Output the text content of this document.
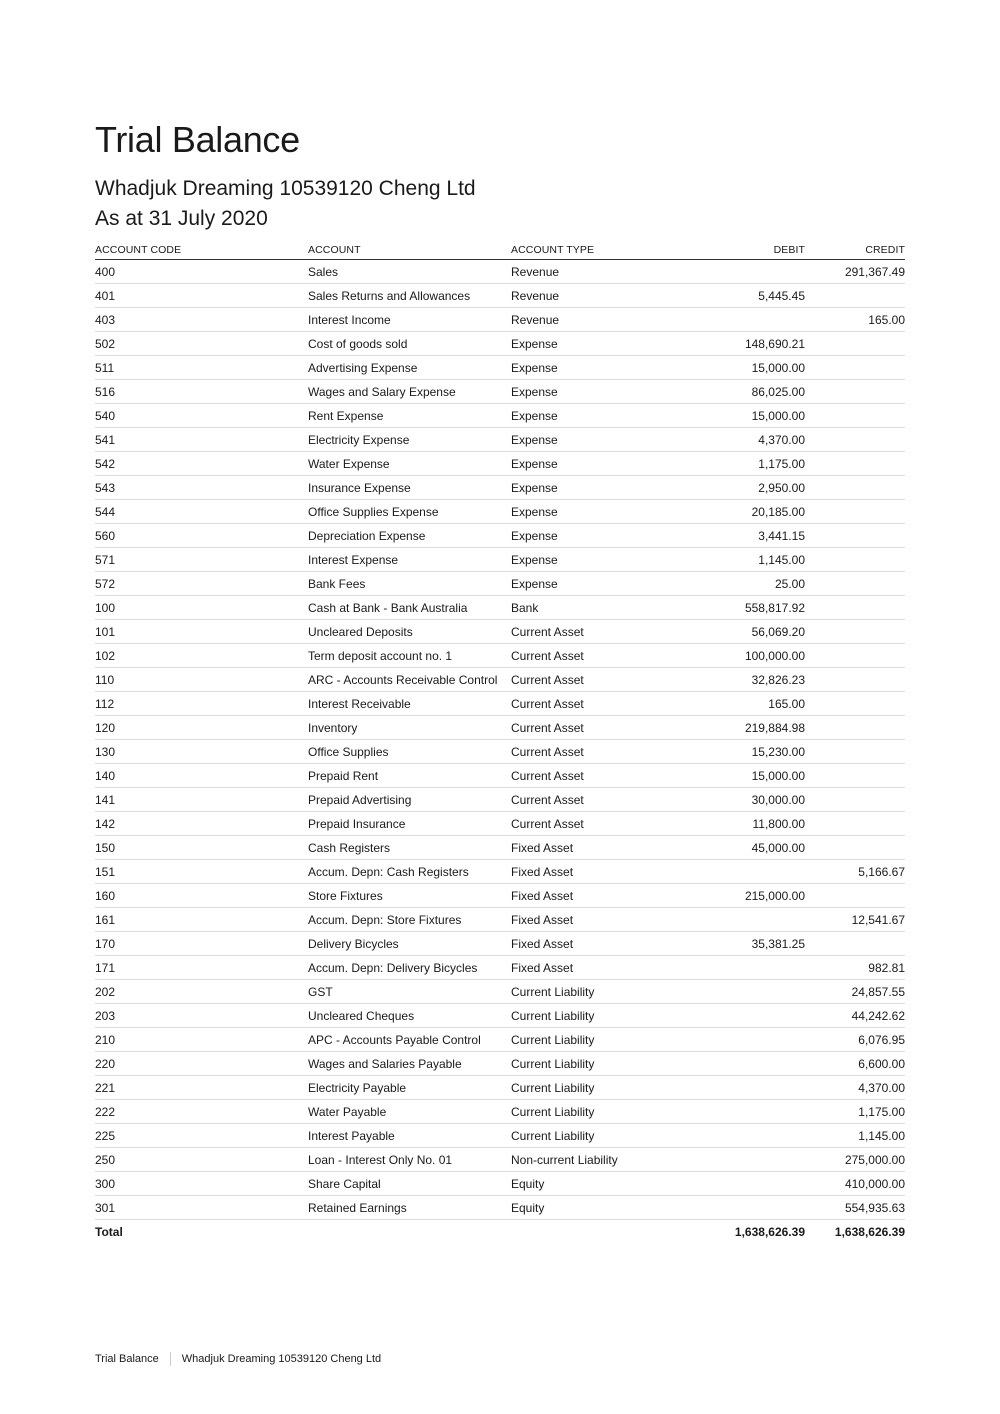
Trial Balance
Whadjuk Dreaming 10539120 Cheng Ltd
As at 31 July 2020
ACCOUNT CODE	ACCOUNT	ACCOUNT TYPE	DEBIT	CREDIT
400	Sales	Revenue		291,367.49
401	Sales Returns and Allowances	Revenue	5,445.45	
403	Interest Income	Revenue		165.00
502	Cost of goods sold	Expense	148,690.21	
511	Advertising Expense	Expense	15,000.00	
516	Wages and Salary Expense	Expense	86,025.00	
540	Rent Expense	Expense	15,000.00	
541	Electricity Expense	Expense	4,370.00	
542	Water Expense	Expense	1,175.00	
543	Insurance Expense	Expense	2,950.00	
544	Office Supplies Expense	Expense	20,185.00	
560	Depreciation Expense	Expense	3,441.15	
571	Interest Expense	Expense	1,145.00	
572	Bank Fees	Expense	25.00	
100	Cash at Bank - Bank Australia	Bank	558,817.92	
101	Uncleared Deposits	Current Asset	56,069.20	
102	Term deposit account no. 1	Current Asset	100,000.00	
110	ARC - Accounts Receivable Control	Current Asset	32,826.23	
112	Interest Receivable	Current Asset	165.00	
120	Inventory	Current Asset	219,884.98	
130	Office Supplies	Current Asset	15,230.00	
140	Prepaid Rent	Current Asset	15,000.00	
141	Prepaid Advertising	Current Asset	30,000.00	
142	Prepaid Insurance	Current Asset	11,800.00	
150	Cash Registers	Fixed Asset	45,000.00	
151	Accum. Depn: Cash Registers	Fixed Asset		5,166.67
160	Store Fixtures	Fixed Asset	215,000.00	
161	Accum. Depn: Store Fixtures	Fixed Asset		12,541.67
170	Delivery Bicycles	Fixed Asset	35,381.25	
171	Accum. Depn: Delivery Bicycles	Fixed Asset		982.81
202	GST	Current Liability		24,857.55
203	Uncleared Cheques	Current Liability		44,242.62
210	APC - Accounts Payable Control	Current Liability		6,076.95
220	Wages and Salaries Payable	Current Liability		6,600.00
221	Electricity Payable	Current Liability		4,370.00
222	Water Payable	Current Liability		1,175.00
225	Interest Payable	Current Liability		1,145.00
250	Loan - Interest Only No. 01	Non-current Liability		275,000.00
300	Share Capital	Equity		410,000.00
301	Retained Earnings	Equity		554,935.63
Total			1,638,626.39	1,638,626.39
Trial Balance Whadjuk Dreaming 10539120 Cheng Ltd
